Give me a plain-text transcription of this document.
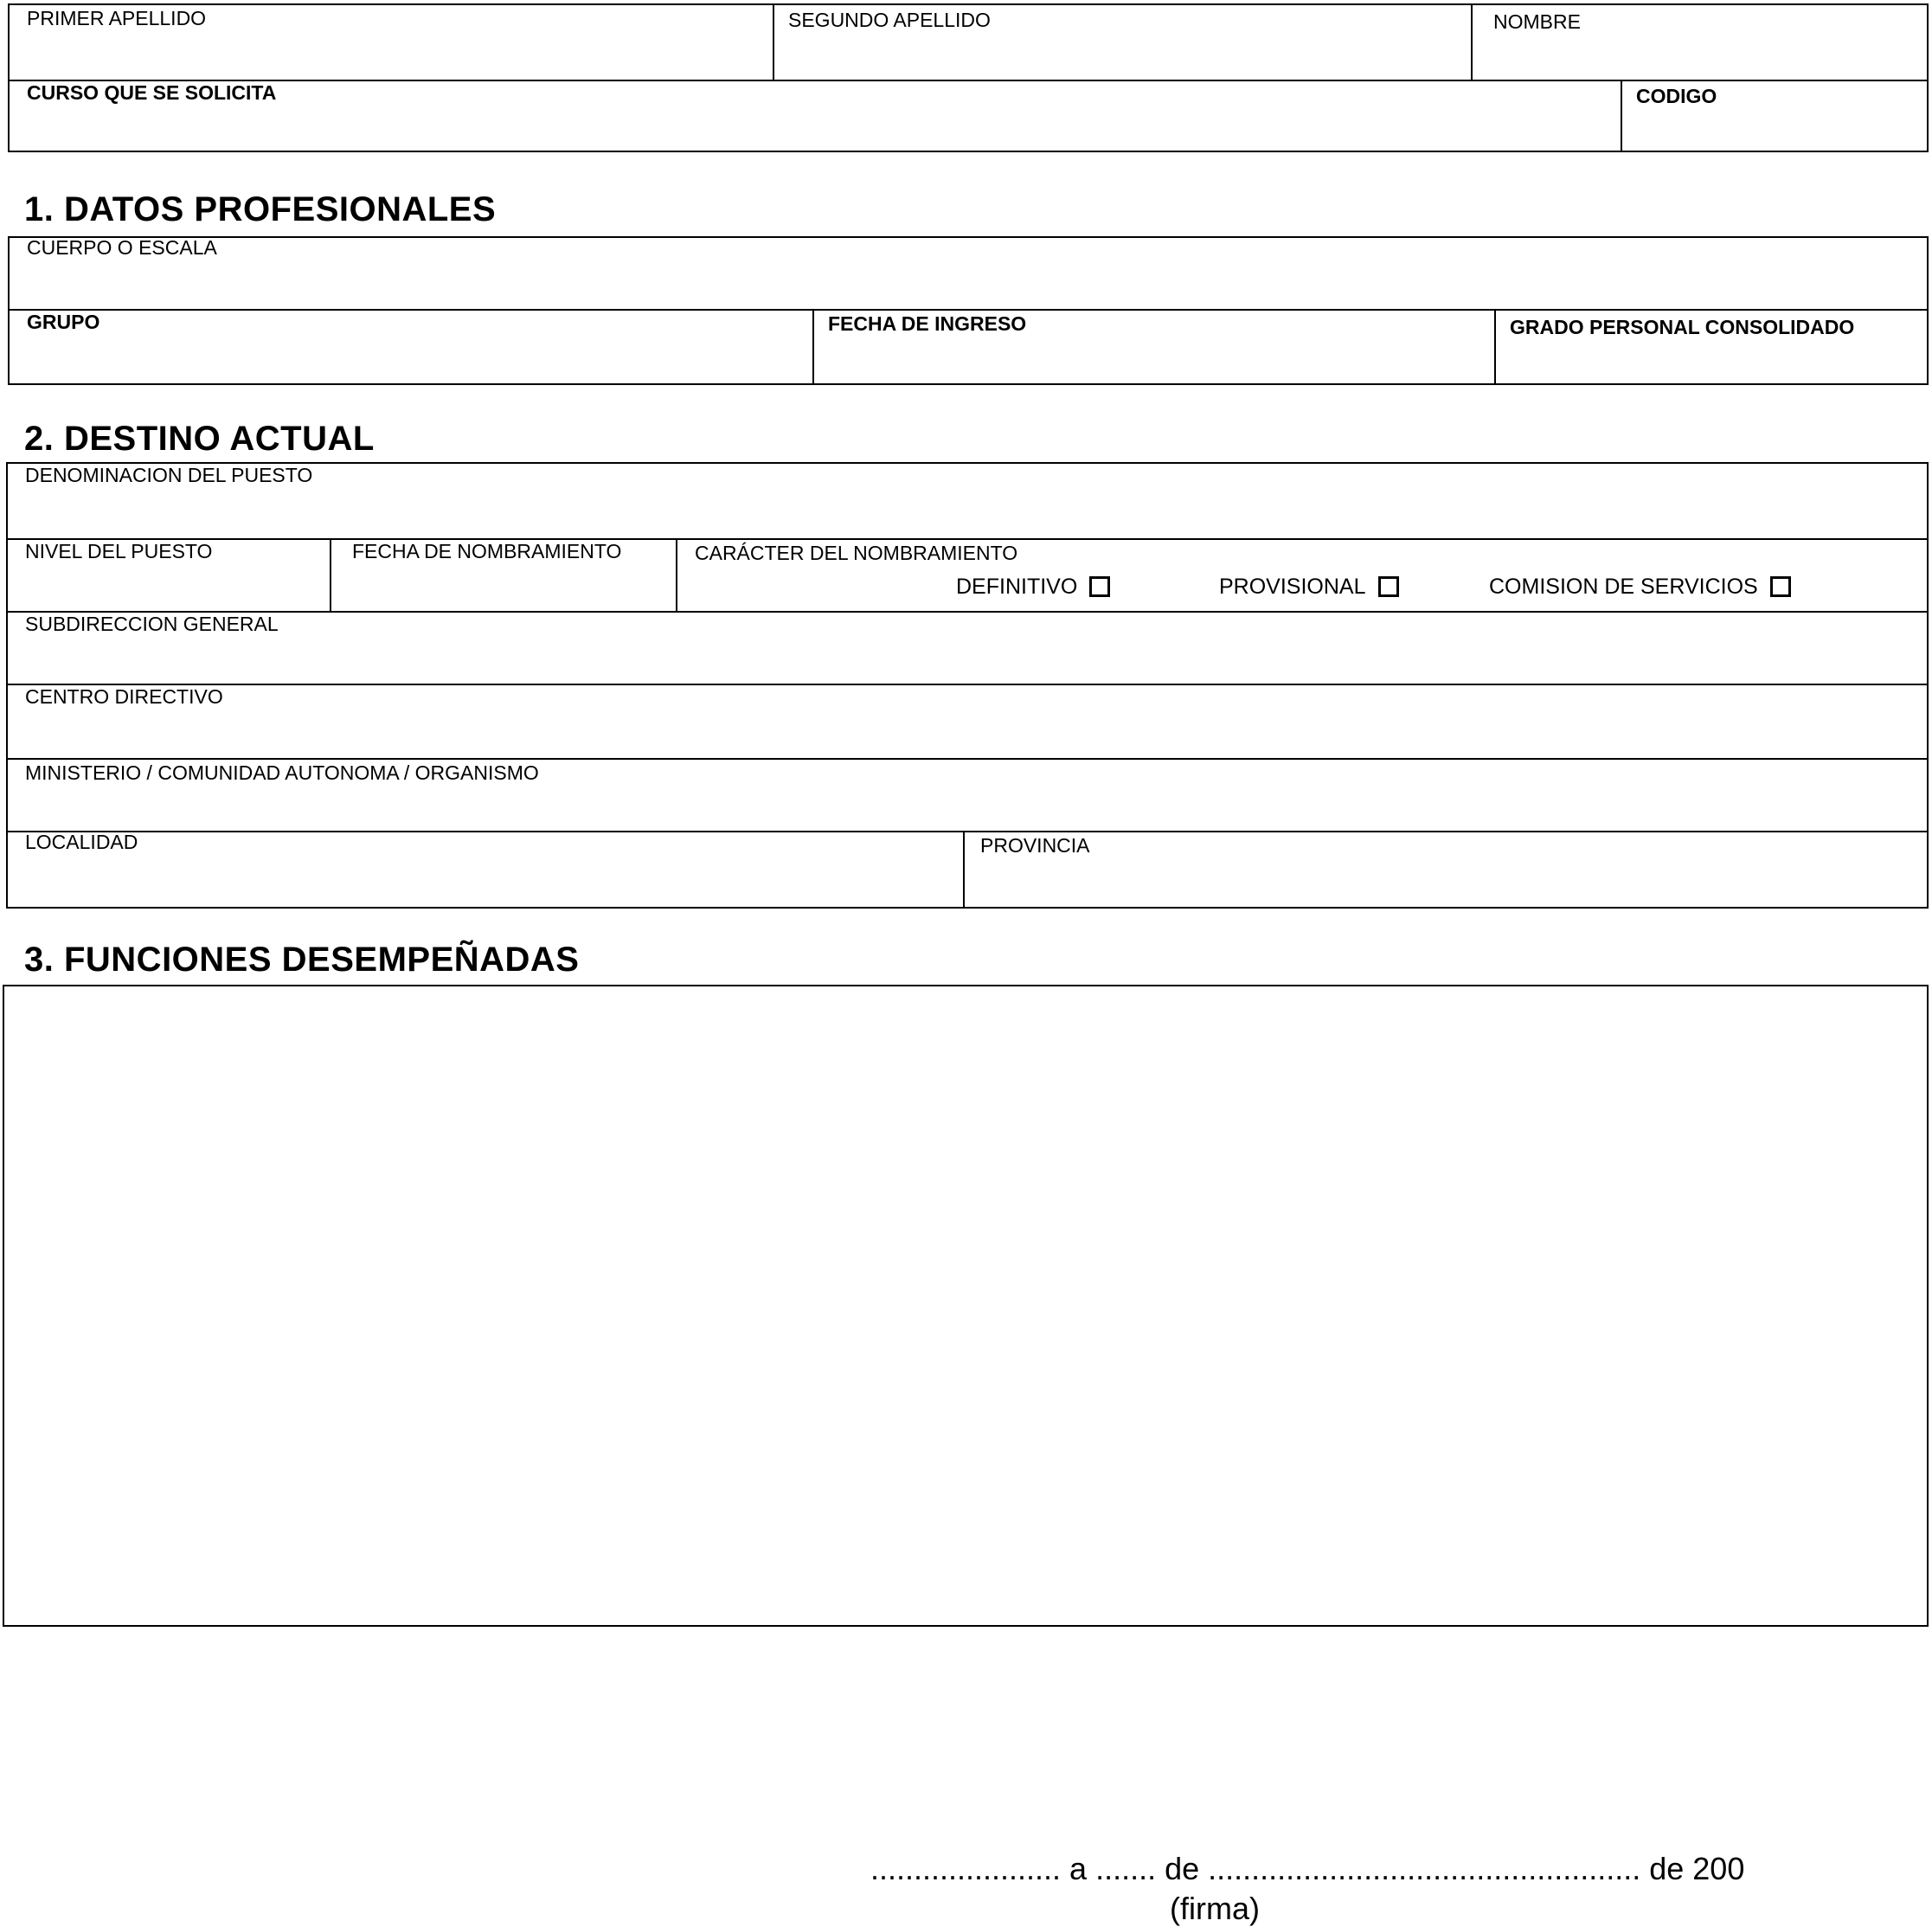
PRIMER APELLIDO	SEGUNDO APELLIDO	NOMBRE
CURSO QUE SE SOLICITA	CODIGO
1. DATOS PROFESIONALES
CUERPO O ESCALA
GRUPO	FECHA DE INGRESO	GRADO PERSONAL CONSOLIDADO
2. DESTINO ACTUAL
DENOMINACION DEL PUESTO
NIVEL DEL PUESTO	FECHA DE NOMBRAMIENTO	CARÁCTER DEL NOMBRAMIENTO
DEFINITIVO	PROVISIONAL	COMISION DE SERVICIOS
SUBDIRECCION GENERAL
CENTRO DIRECTIVO
MINISTERIO / COMUNIDAD AUTONOMA / ORGANISMO
LOCALIDAD	PROVINCIA
3. FUNCIONES DESEMPEÑADAS
...................... a ....... de .................................................. de 200
(firma)
